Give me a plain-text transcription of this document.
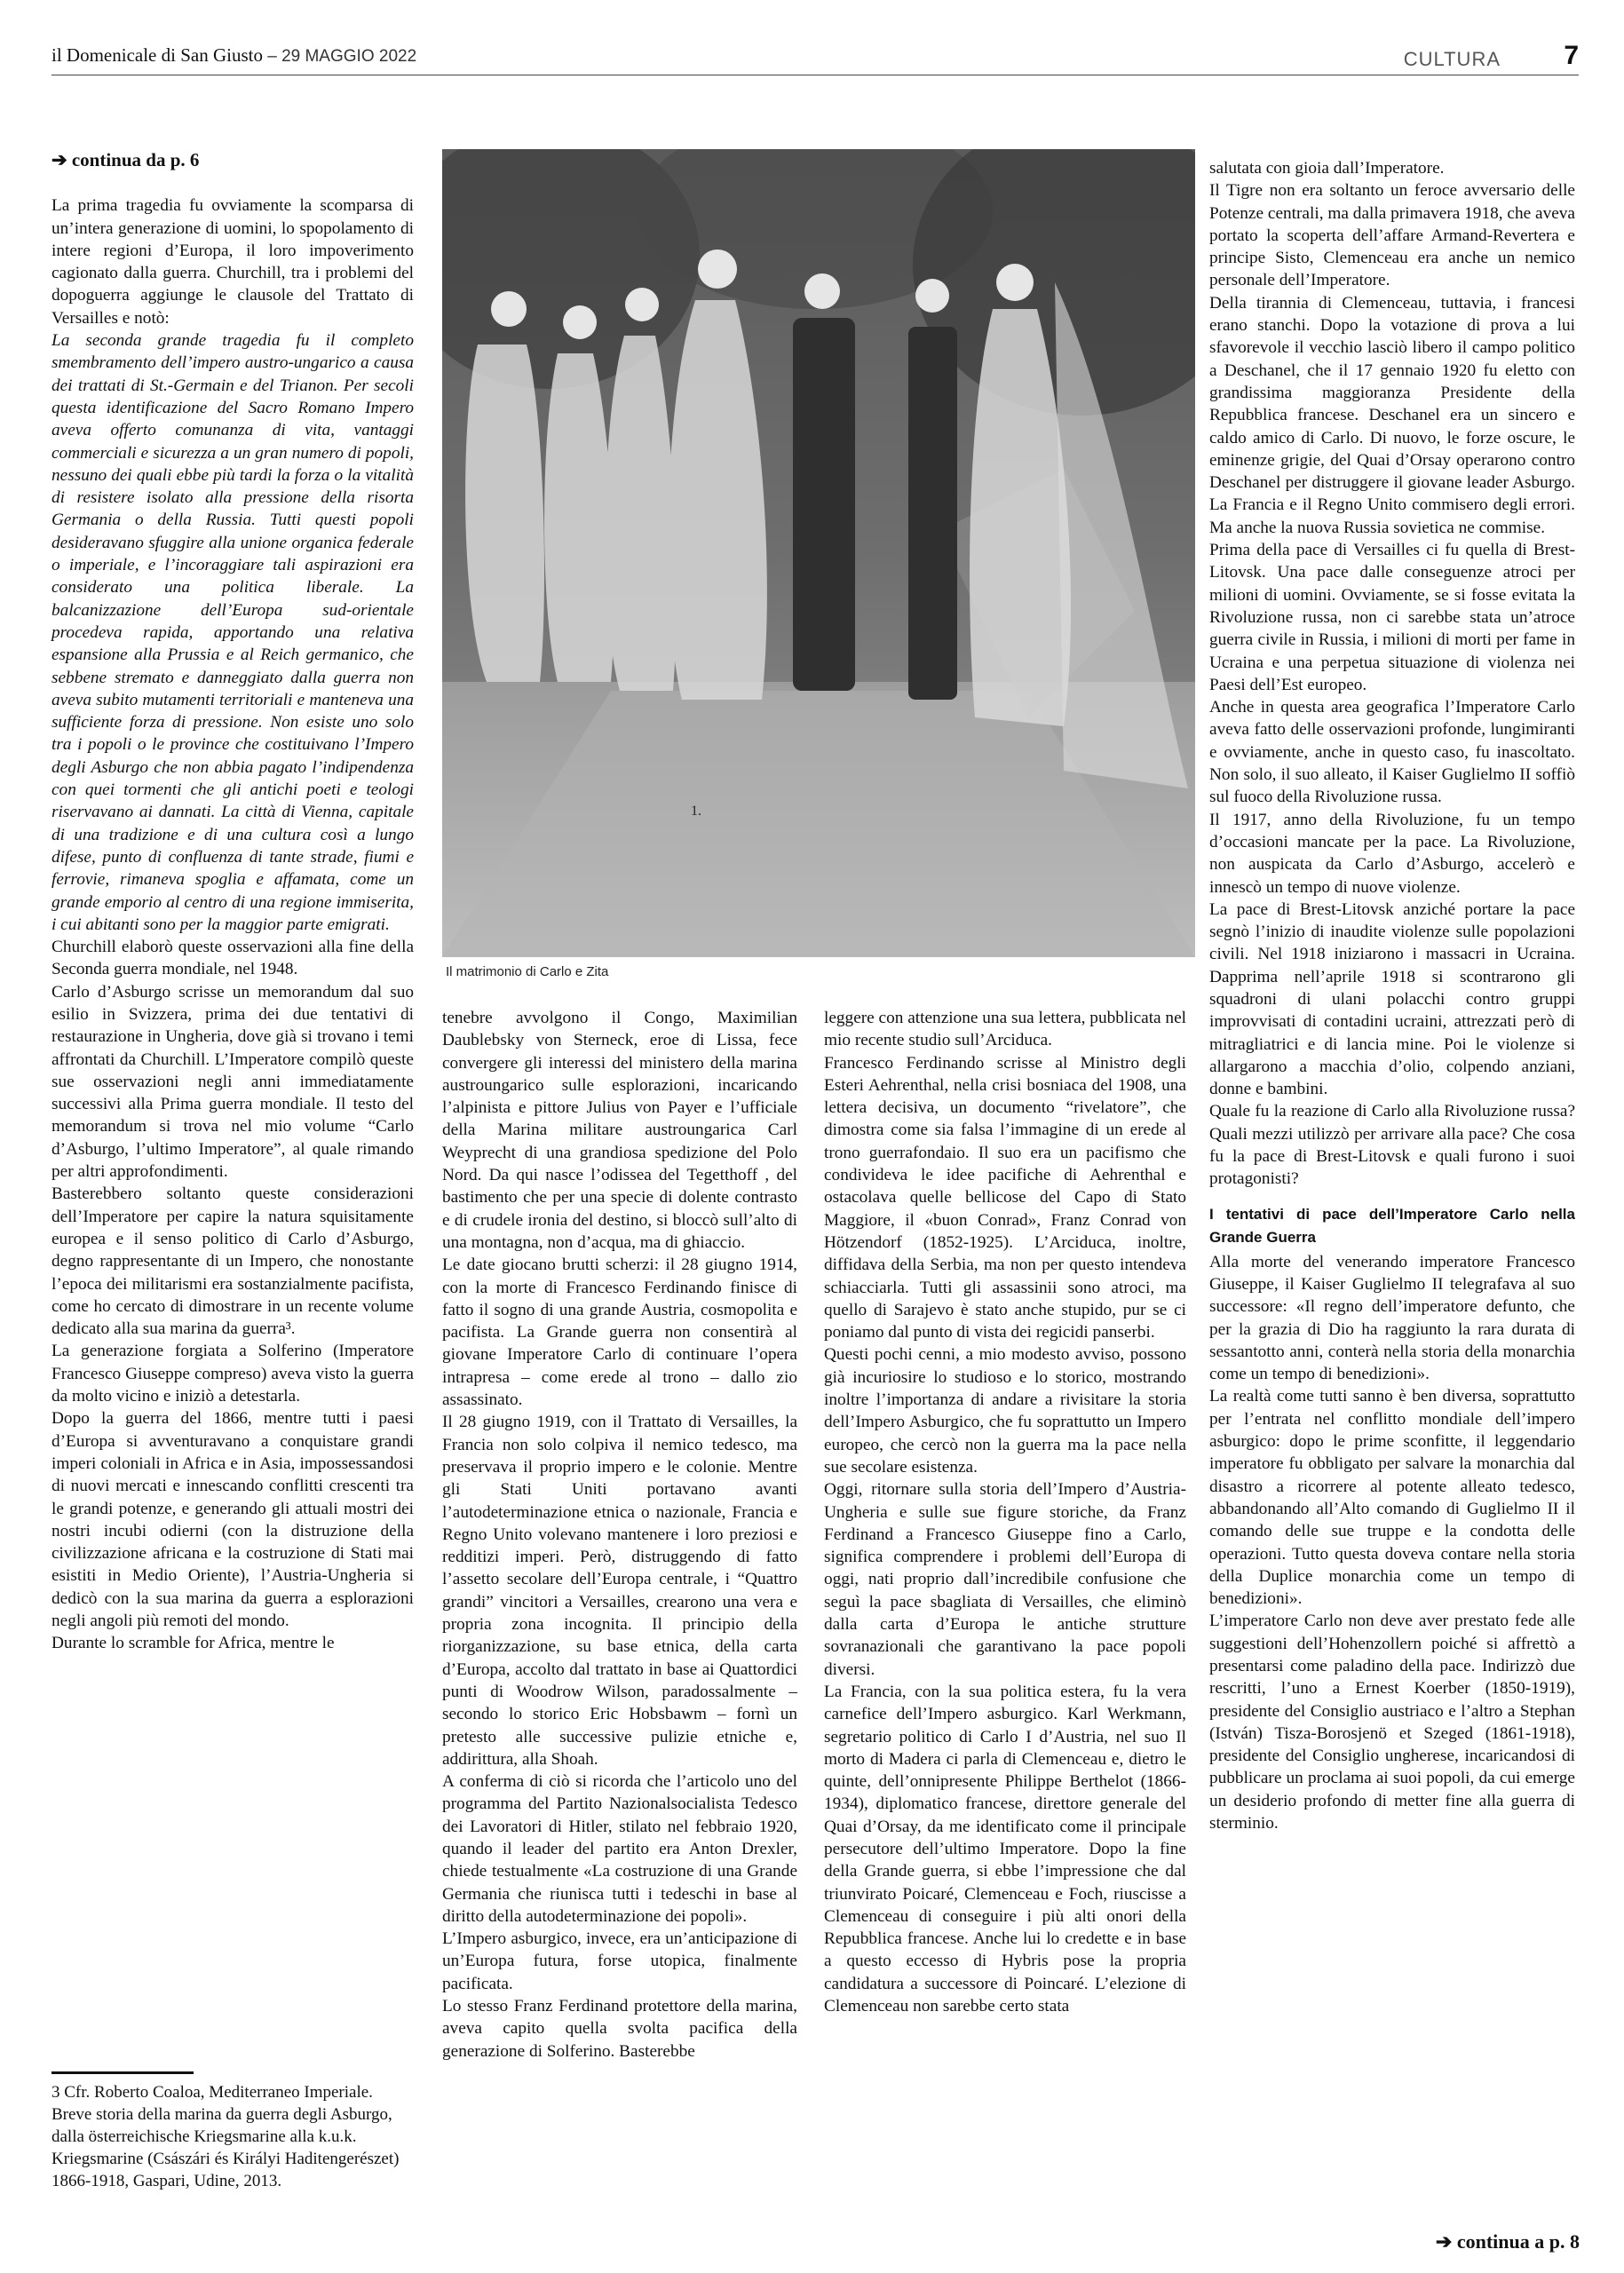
il Domenicale di San Giusto – 29 MAGGIO 2022	CULTURA 7

➔ continua da p. 6

La prima tragedia fu ovviamente la scomparsa di un’intera generazione di uomini, lo spopolamento di intere regioni d’Europa, il loro impoverimento cagionato dalla guerra. Churchill, tra i problemi del dopoguerra aggiunge le clausole del Trattato di Versailles e notò:

La seconda grande tragedia fu il completo smembramento dell’impero austro-ungarico a causa dei trattati di St.-Germain e del Trianon. Per secoli questa identificazione del Sacro Romano Impero aveva offerto comunanza di vita, vantaggi commerciali e sicurezza a un gran numero di popoli, nessuno dei quali ebbe più tardi la forza o la vitalità di resistere isolato alla pressione della risorta Germania o della Russia. Tutti questi popoli desideravano sfuggire alla unione organica federale o imperiale, e l’incoraggiare tali aspirazioni era considerato una politica liberale. La balcanizzazione dell’Europa sud-orientale procedeva rapida, apportando una relativa espansione alla Prussia e al Reich germanico, che sebbene stremato e danneggiato dalla guerra non aveva subito mutamenti territoriali e manteneva una sufficiente forza di pressione. Non esiste uno solo tra i popoli o le province che costituivano l’Impero degli Asburgo che non abbia pagato l’indipendenza con quei tormenti che gli antichi poeti e teologi riservavano ai dannati. La città di Vienna, capitale di una tradizione e di una cultura così a lungo difese, punto di confluenza di tante strade, fiumi e ferrovie, rimaneva spoglia e affamata, come un grande emporio al centro di una regione immiserita, i cui abitanti sono per la maggior parte emigrati.

Churchill elaborò queste osservazioni alla fine della Seconda guerra mondiale, nel 1948.

Carlo d’Asburgo scrisse un memorandum dal suo esilio in Svizzera, prima dei due tentativi di restaurazione in Ungheria, dove già si trovano i temi affrontati da Churchill. L’Imperatore compilò queste sue osservazioni negli anni immediatamente successivi alla Prima guerra mondiale. Il testo del memorandum si trova nel mio volume “Carlo d’Asburgo, l’ultimo Imperatore”, al quale rimando per altri approfondimenti.

Basterebbero soltanto queste considerazioni dell’Imperatore per capire la natura squisitamente europea e il senso politico di Carlo d’Asburgo, degno rappresentante di un Impero, che nonostante l’epoca dei militarismi era sostanzialmente pacifista, come ho cercato di dimostrare in un recente volume dedicato alla sua marina da guerra³.

La generazione forgiata a Solferino (Imperatore Francesco Giuseppe compreso) aveva visto la guerra da molto vicino e iniziò a detestarla.

Dopo la guerra del 1866, mentre tutti i paesi d’Europa si avventuravano a conquistare grandi imperi coloniali in Africa e in Asia, impossessandosi di nuovi mercati e innescando conflitti crescenti tra le grandi potenze, e generando gli attuali mostri dei nostri incubi odierni (con la distruzione della civilizzazione africana e la costruzione di Stati mai esistiti in Medio Oriente), l’Austria-Ungheria si dedicò con la sua marina da guerra a esplorazioni negli angoli più remoti del mondo.

Durante lo scramble for Africa, mentre le

1.
Il matrimonio di Carlo e Zita

tenebre avvolgono il Congo, Maximilian Daublebsky von Sterneck, eroe di Lissa, fece convergere gli interessi del ministero della marina austroungarico sulle esplorazioni, incaricando l’alpinista e pittore Julius von Payer e l’ufficiale della Marina militare austroungarica Carl Weyprecht di una grandiosa spedizione del Polo Nord. Da qui nasce l’odissea del Tegetthoff , del bastimento che per una specie di dolente contrasto e di crudele ironia del destino, si bloccò sull’alto di una montagna, non d’acqua, ma di ghiaccio.

Le date giocano brutti scherzi: il 28 giugno 1914, con la morte di Francesco Ferdinando finisce di fatto il sogno di una grande Austria, cosmopolita e pacifista. La Grande guerra non consentirà al giovane Imperatore Carlo di continuare l’opera intrapresa – come erede al trono – dallo zio assassinato.

Il 28 giugno 1919, con il Trattato di Versailles, la Francia non solo colpiva il nemico tedesco, ma preservava il proprio impero e le colonie. Mentre gli Stati Uniti portavano avanti l’autodeterminazione etnica o nazionale, Francia e Regno Unito volevano mantenere i loro preziosi e redditizi imperi. Però, distruggendo di fatto l’assetto secolare dell’Europa centrale, i “Quattro grandi” vincitori a Versailles, crearono una vera e propria zona incognita. Il principio della riorganizzazione, su base etnica, della carta d’Europa, accolto dal trattato in base ai Quattordici punti di Woodrow Wilson, paradossalmente – secondo lo storico Eric Hobsbawm – fornì un pretesto alle successive pulizie etniche e, addirittura, alla Shoah.

A conferma di ciò si ricorda che l’articolo uno del programma del Partito Nazionalsocialista Tedesco dei Lavoratori di Hitler, stilato nel febbraio 1920, quando il leader del partito era Anton Drexler, chiede testualmente «La costruzione di una Grande Germania che riunisca tutti i tedeschi in base al diritto della autodeterminazione dei popoli».

L’Impero asburgico, invece, era un’anticipazione di un’Europa futura, forse utopica, finalmente pacificata.

Lo stesso Franz Ferdinand protettore della marina, aveva capito quella svolta pacifica della generazione di Solferino. Basterebbe

leggere con attenzione una sua lettera, pubblicata nel mio recente studio sull’Arciduca.

Francesco Ferdinando scrisse al Ministro degli Esteri Aehrenthal, nella crisi bosniaca del 1908, una lettera decisiva, un documento “rivelatore”, che dimostra come sia falsa l’immagine di un erede al trono guerrafondaio. Il suo era un pacifismo che condivideva le idee pacifiche di Aehrenthal e ostacolava quelle bellicose del Capo di Stato Maggiore, il «buon Conrad», Franz Conrad von Hötzendorf (1852-1925). L’Arciduca, inoltre, diffidava della Serbia, ma non per questo intendeva schiacciarla. Tutti gli assassinii sono atroci, ma quello di Sarajevo è stato anche stupido, pur se ci poniamo dal punto di vista dei regicidi panserbi.

Questi pochi cenni, a mio modesto avviso, possono già incuriosire lo studioso e lo storico, mostrando inoltre l’importanza di andare a rivisitare la storia dell’Impero Asburgico, che fu soprattutto un Impero europeo, che cercò non la guerra ma la pace nella sue secolare esistenza.

Oggi, ritornare sulla storia dell’Impero d’Austria-Ungheria e sulle sue figure storiche, da Franz Ferdinand a Francesco Giuseppe fino a Carlo, significa comprendere i problemi dell’Europa di oggi, nati proprio dall’incredibile confusione che seguì la pace sbagliata di Versailles, che eliminò dalla carta d’Europa le antiche strutture sovranazionali che garantivano la pace popoli diversi.

La Francia, con la sua politica estera, fu la vera carnefice dell’Impero asburgico. Karl Werkmann, segretario politico di Carlo I d’Austria, nel suo Il morto di Madera ci parla di Clemenceau e, dietro le quinte, dell’onnipresente Philippe Berthelot (1866-1934), diplomatico francese, direttore generale del Quai d’Orsay, da me identificato come il principale persecutore dell’ultimo Imperatore. Dopo la fine della Grande guerra, si ebbe l’impressione che dal triunvirato Poicaré, Clemenceau e Foch, riuscisse a Clemenceau di conseguire i più alti onori della Repubblica francese. Anche lui lo credette e in base a questo eccesso di Hybris pose la propria candidatura a successore di Poincaré. L’elezione di Clemenceau non sarebbe certo stata

salutata con gioia dall’Imperatore.

Il Tigre non era soltanto un feroce avversario delle Potenze centrali, ma dalla primavera 1918, che aveva portato la scoperta dell’affare Armand-Revertera e principe Sisto, Clemenceau era anche un nemico personale dell’Imperatore.

Della tirannia di Clemenceau, tuttavia, i francesi erano stanchi. Dopo la votazione di prova a lui sfavorevole il vecchio lasciò libero il campo politico a Deschanel, che il 17 gennaio 1920 fu eletto con grandissima maggioranza Presidente della Repubblica francese. Deschanel era un sincero e caldo amico di Carlo. Di nuovo, le forze oscure, le eminenze grigie, del Quai d’Orsay operarono contro Deschanel per distruggere il giovane leader Asburgo. La Francia e il Regno Unito commisero degli errori. Ma anche la nuova Russia sovietica ne commise.

Prima della pace di Versailles ci fu quella di Brest-Litovsk. Una pace dalle conseguenze atroci per milioni di uomini. Ovviamente, se si fosse evitata la Rivoluzione russa, non ci sarebbe stata un’atroce guerra civile in Russia, i milioni di morti per fame in Ucraina e una perpetua situazione di violenza nei Paesi dell’Est europeo.

Anche in questa area geografica l’Imperatore Carlo aveva fatto delle osservazioni profonde, lungimiranti e ovviamente, anche in questo caso, fu inascoltato. Non solo, il suo alleato, il Kaiser Guglielmo II soffiò sul fuoco della Rivoluzione russa.

Il 1917, anno della Rivoluzione, fu un tempo d’occasioni mancate per la pace. La Rivoluzione, non auspicata da Carlo d’Asburgo, accelerò e innescò un tempo di nuove violenze.

La pace di Brest-Litovsk anziché portare la pace segnò l’inizio di inaudite violenze sulle popolazioni civili. Nel 1918 iniziarono i massacri in Ucraina. Dapprima nell’aprile 1918 si scontrarono gli squadroni di ulani polacchi contro gruppi improvvisati di contadini ucraini, attrezzati però di mitragliatrici e di lancia mine. Poi le violenze si allargarono a macchia d’olio, colpendo anziani, donne e bambini.

Quale fu la reazione di Carlo alla Rivoluzione russa? Quali mezzi utilizzò per arrivare alla pace? Che cosa fu la pace di Brest-Litovsk e quali furono i suoi protagonisti?

I tentativi di pace dell’Imperatore Carlo nella Grande Guerra

Alla morte del venerando imperatore Francesco Giuseppe, il Kaiser Guglielmo II telegrafava al suo successore: «Il regno dell’imperatore defunto, che per la grazia di Dio ha raggiunto la rara durata di sessantotto anni, conterà nella storia della monarchia come un tempo di benedizioni».

La realtà come tutti sanno è ben diversa, soprattutto per l’entrata nel conflitto mondiale dell’impero asburgico: dopo le prime sconfitte, il leggendario imperatore fu obbligato per salvare la monarchia dal disastro a ricorrere al potente alleato tedesco, abbandonando all’Alto comando di Guglielmo II il comando delle sue truppe e la condotta delle operazioni. Tutto questa doveva contare nella storia della Duplice monarchia come un tempo di benedizioni».

L’imperatore Carlo non deve aver prestato fede alle suggestioni dell’Hohenzollern poiché si affrettò a presentarsi come paladino della pace. Indirizzò due rescritti, l’uno a Ernest Koerber (1850-1919), presidente del Consiglio austriaco e l’altro a Stephan (István) Tisza-Borosjenö et Szeged (1861-1918), presidente del Consiglio ungherese, incaricandosi di pubblicare un proclama ai suoi popoli, da cui emerge un desiderio profondo di metter fine alla guerra di sterminio.

3 Cfr. Roberto Coaloa, Mediterraneo Imperiale. Breve storia della marina da guerra degli Asburgo, dalla österreichische Kriegsmarine alla k.u.k. Kriegsmarine (Császári és Királyi Haditengerészet) 1866-1918, Gaspari, Udine, 2013.
➔ continua a p. 8
